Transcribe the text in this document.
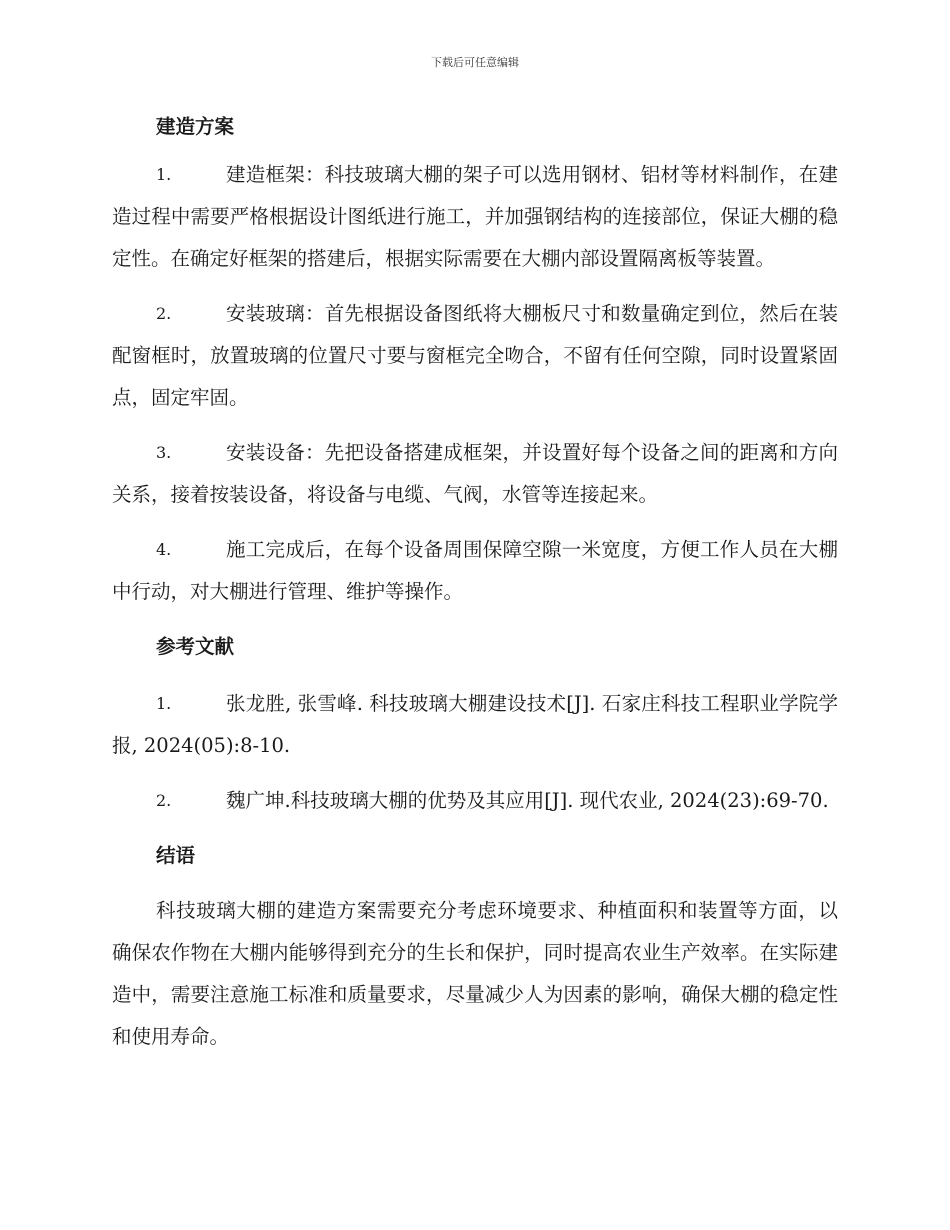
下载后可任意编辑
建造方案

1.	建造框架：科技玻璃大棚的架子可以选用钢材、铝材等材料制作，在建造过程中需要严格根据设计图纸进行施工，并加强钢结构的连接部位，保证大棚的稳定性。在确定好框架的搭建后，根据实际需要在大棚内部设置隔离板等装置。

2.	安装玻璃：首先根据设备图纸将大棚板尺寸和数量确定到位，然后在装配窗框时，放置玻璃的位置尺寸要与窗框完全吻合，不留有任何空隙，同时设置紧固点，固定牢固。

3.	安装设备：先把设备搭建成框架，并设置好每个设备之间的距离和方向关系，接着按装设备，将设备与电缆、气阀，水管等连接起来。

4.	施工完成后，在每个设备周围保障空隙一米宽度，方便工作人员在大棚中行动，对大棚进行管理、维护等操作。

参考文献

1.	张龙胜, 张雪峰. 科技玻璃大棚建设技术[J]. 石家庄科技工程职业学院学报, 2024(05):8-10.

2.	魏广坤.科技玻璃大棚的优势及其应用[J]. 现代农业, 2024(23):69-70.

结语

科技玻璃大棚的建造方案需要充分考虑环境要求、种植面积和装置等方面，以确保农作物在大棚内能够得到充分的生长和保护，同时提高农业生产效率。在实际建造中，需要注意施工标准和质量要求，尽量减少人为因素的影响，确保大棚的稳定性和使用寿命。
